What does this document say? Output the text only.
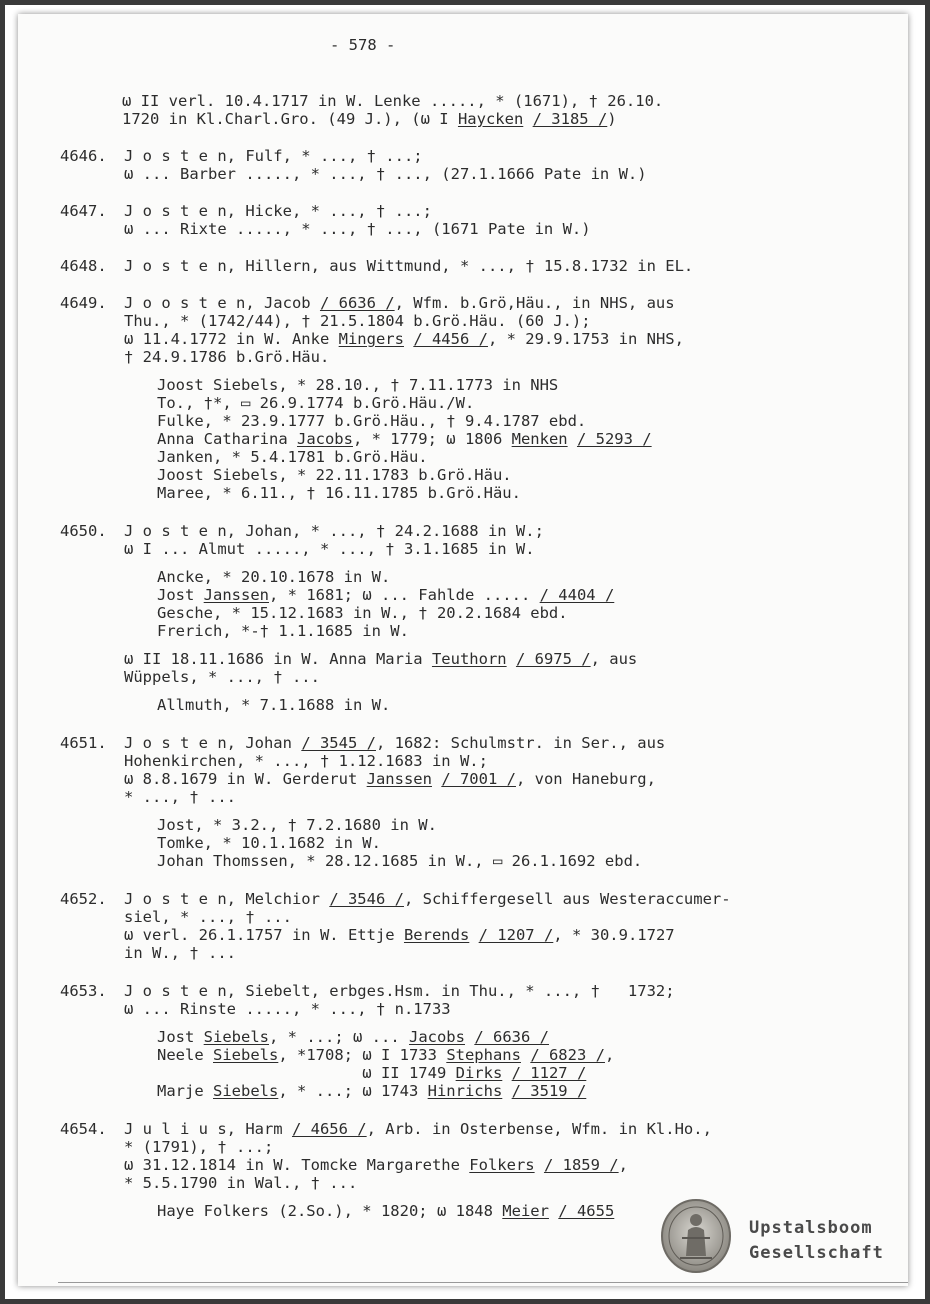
- 578 -
ω II verl. 10.4.1717 in W. Lenke ....., * (1671), † 26.10.
1720 in Kl.Charl.Gro. (49 J.), (ω I Haycken / 3185 /)
4646. J o s t e n, Fulf, * ..., † ...;
ω ... Barber ....., * ..., † ..., (27.1.1666 Pate in W.)
4647. J o s t e n, Hicke, * ..., † ...;
ω ... Rixte ....., * ..., † ..., (1671 Pate in W.)
4648. J o s t e n, Hillern, aus Wittmund, * ..., † 15.8.1732 in EL.
4649. J o o s t e n, Jacob / 6636 /, Wfm. b.Grö,Häu., in NHS, aus
Thu., * (1742/44), † 21.5.1804 b.Grö.Häu. (60 J.);
ω 11.4.1772 in W. Anke Mingers / 4456 /, * 29.9.1753 in NHS,
† 24.9.1786 b.Grö.Häu.
Joost Siebels, * 28.10., † 7.11.1773 in NHS
To., †*, ▭ 26.9.1774 b.Grö.Häu./W.
Fulke, * 23.9.1777 b.Grö.Häu., † 9.4.1787 ebd.
Anna Catharina Jacobs, * 1779; ω 1806 Menken / 5293 /
Janken, * 5.4.1781 b.Grö.Häu.
Joost Siebels, * 22.11.1783 b.Grö.Häu.
Maree, * 6.11., † 16.11.1785 b.Grö.Häu.
4650. J o s t e n, Johan, * ..., † 24.2.1688 in W.;
ω I ... Almut ....., * ..., † 3.1.1685 in W.
Ancke, * 20.10.1678 in W.
Jost Janssen, * 1681; ω ... Fahlde ..... / 4404 /
Gesche, * 15.12.1683 in W., † 20.2.1684 ebd.
Frerich, *-† 1.1.1685 in W.
ω II 18.11.1686 in W. Anna Maria Teuthorn / 6975 /, aus
Wüppels, * ..., † ...
Allmuth, * 7.1.1688 in W.
4651. J o s t e n, Johan / 3545 /, 1682: Schulmstr. in Ser., aus
Hohenkirchen, * ..., † 1.12.1683 in W.;
ω 8.8.1679 in W. Gerderut Janssen / 7001 /, von Haneburg,
* ..., † ...
Jost, * 3.2., † 7.2.1680 in W.
Tomke, * 10.1.1682 in W.
Johan Thomssen, * 28.12.1685 in W., ▭ 26.1.1692 ebd.
4652. J o s t e n, Melchior / 3546 /, Schiffergesell aus Westeraccumer-
siel, * ..., † ...
ω verl. 26.1.1757 in W. Ettje Berends / 1207 /, * 30.9.1727
in W., † ...
4653. J o s t e n, Siebelt, erbges.Hsm. in Thu., * ..., †   1732;
ω ... Rinste ....., * ..., † n.1733
Jost Siebels, * ...; ω ... Jacobs / 6636 /
Neele Siebels, *1708; ω I 1733 Stephans / 6823 /,
ω II 1749 Dirks / 1127 /
Marje Siebels, * ...; ω 1743 Hinrichs / 3519 /
4654. J u l i u s, Harm / 4656 /, Arb. in Osterbense, Wfm. in Kl.Ho.,
* (1791), † ...;
ω 31.12.1814 in W. Tomcke Margarethe Folkers / 1859 /,
* 5.5.1790 in Wal., † ...
Haye Folkers (2.So.), * 1820; ω 1848 Meier / 4655
Upstalsboom
Gesellschaft
